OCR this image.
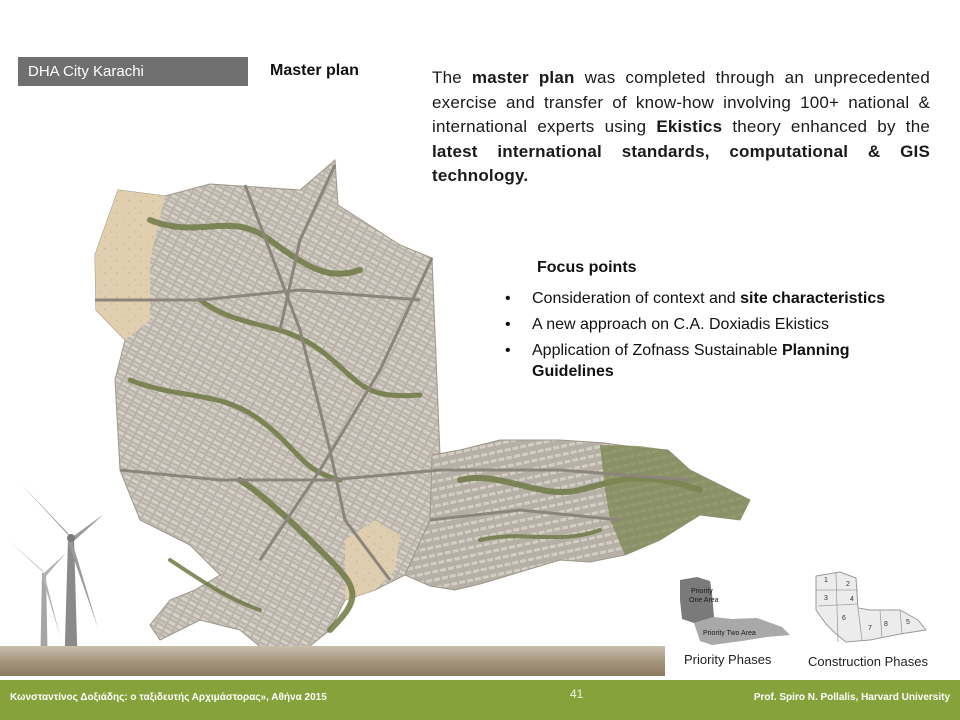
DHA City Karachi	Master plan	The master plan was completed through an unprecedented exercise and transfer of know-how involving 100+ national & international experts using Ekistics theory enhanced by the latest international standards, computational & GIS technology.
Focus points
• Consideration of context and site characteristics
• A new approach on C.A. Doxiadis Ekistics
• Application of Zofnass Sustainable Planning Guidelines
Priority
One Area
Priority Two Area
Priority Phases
1
2
3	4
5
6
7
8
Construction Phases
Κωνσταντίνος Δοξιάδης: ο ταξιδευτής Αρχιμάστορας», Αθήνα 2015	41	Prof. Spiro N. Pollalis, Harvard University
